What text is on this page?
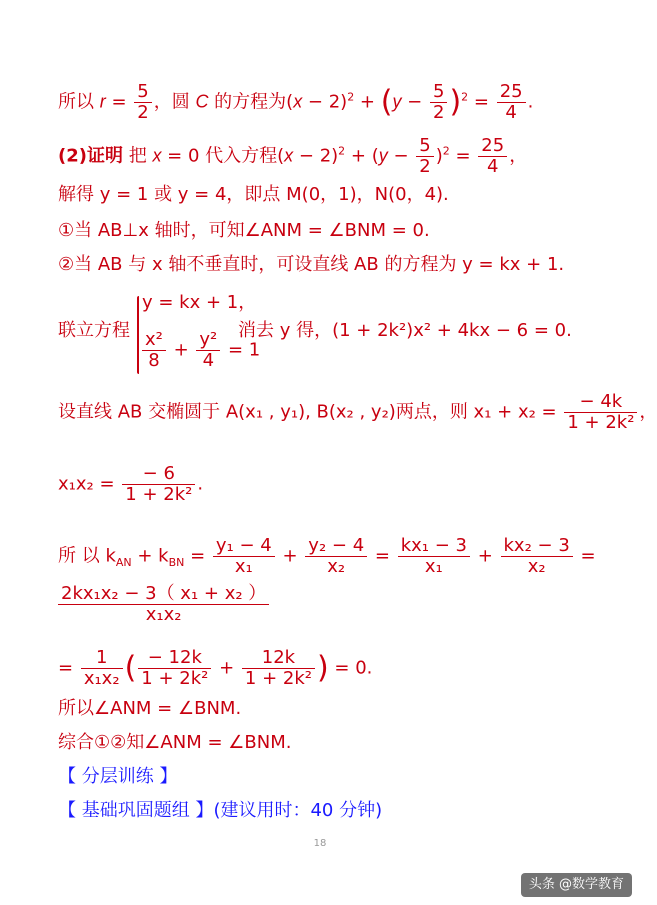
所以 $r = \frac{5}{2}$ ，圆 C 的方程为$(x - 2)^2 + (y - \frac{5}{2} )^2 = \frac{25}{4}$ .
(2)证明 把 x = 0 代入方程$(x - 2)^2 + (y - \frac{5}{2} )^2 = \frac{25}{4}$ ，
解得 y = 1 或 y = 4，即点 M(0，1)，N(0，4).
①当 AB⊥x 轴时，可知∠ANM = ∠BNM = 0.
②当 AB 与 x 轴不垂直时，可设直线 AB 的方程为 y = kx + 1.
联立方程
y = kx + 1，
$\frac{\text{x²}}{8} + \frac{\text{y²}}{4} = 1$
消去 y 得，(1 + 2k²)x² + 4kx − 6 = 0.
设直线 AB 交椭圆于 A(x₁ , y₁), B(x₂ , y₂)两点，则 $x_1 + x_2 = \frac{- 4k}{\text{1 + 2k²}}$ ，
$x_1x_2 = \frac{- 6}{\text{1 + 2k²}}$ .
所 以 $k_{AN} + k_{BN} = \frac{\text{y₁ − 4}}{\text{x₁}} + \frac{\text{y₂ − 4}}{\text{x₂}} = \frac{\text{kx₁ − 3}}{\text{x₁}} + \frac{\text{kx₂ − 3}}{\text{x₂}}$ =
$\frac{\text{2kx₁x₂ − 3（ x₁ + x₂ ）}}{\text{x₁x₂}}$
= $\frac{1}{\text{x₁x₂}}$ ( $\frac{- 12k}{\text{1 + 2k²}} + \frac{12k}{\text{1 + 2k²}}$ ) = 0.
所以∠ANM = ∠BNM.
综合①②知∠ANM = ∠BNM.
【 分层训练 】
【 基础巩固题组 】(建议用时：40 分钟)
18
头条 @数学教育
